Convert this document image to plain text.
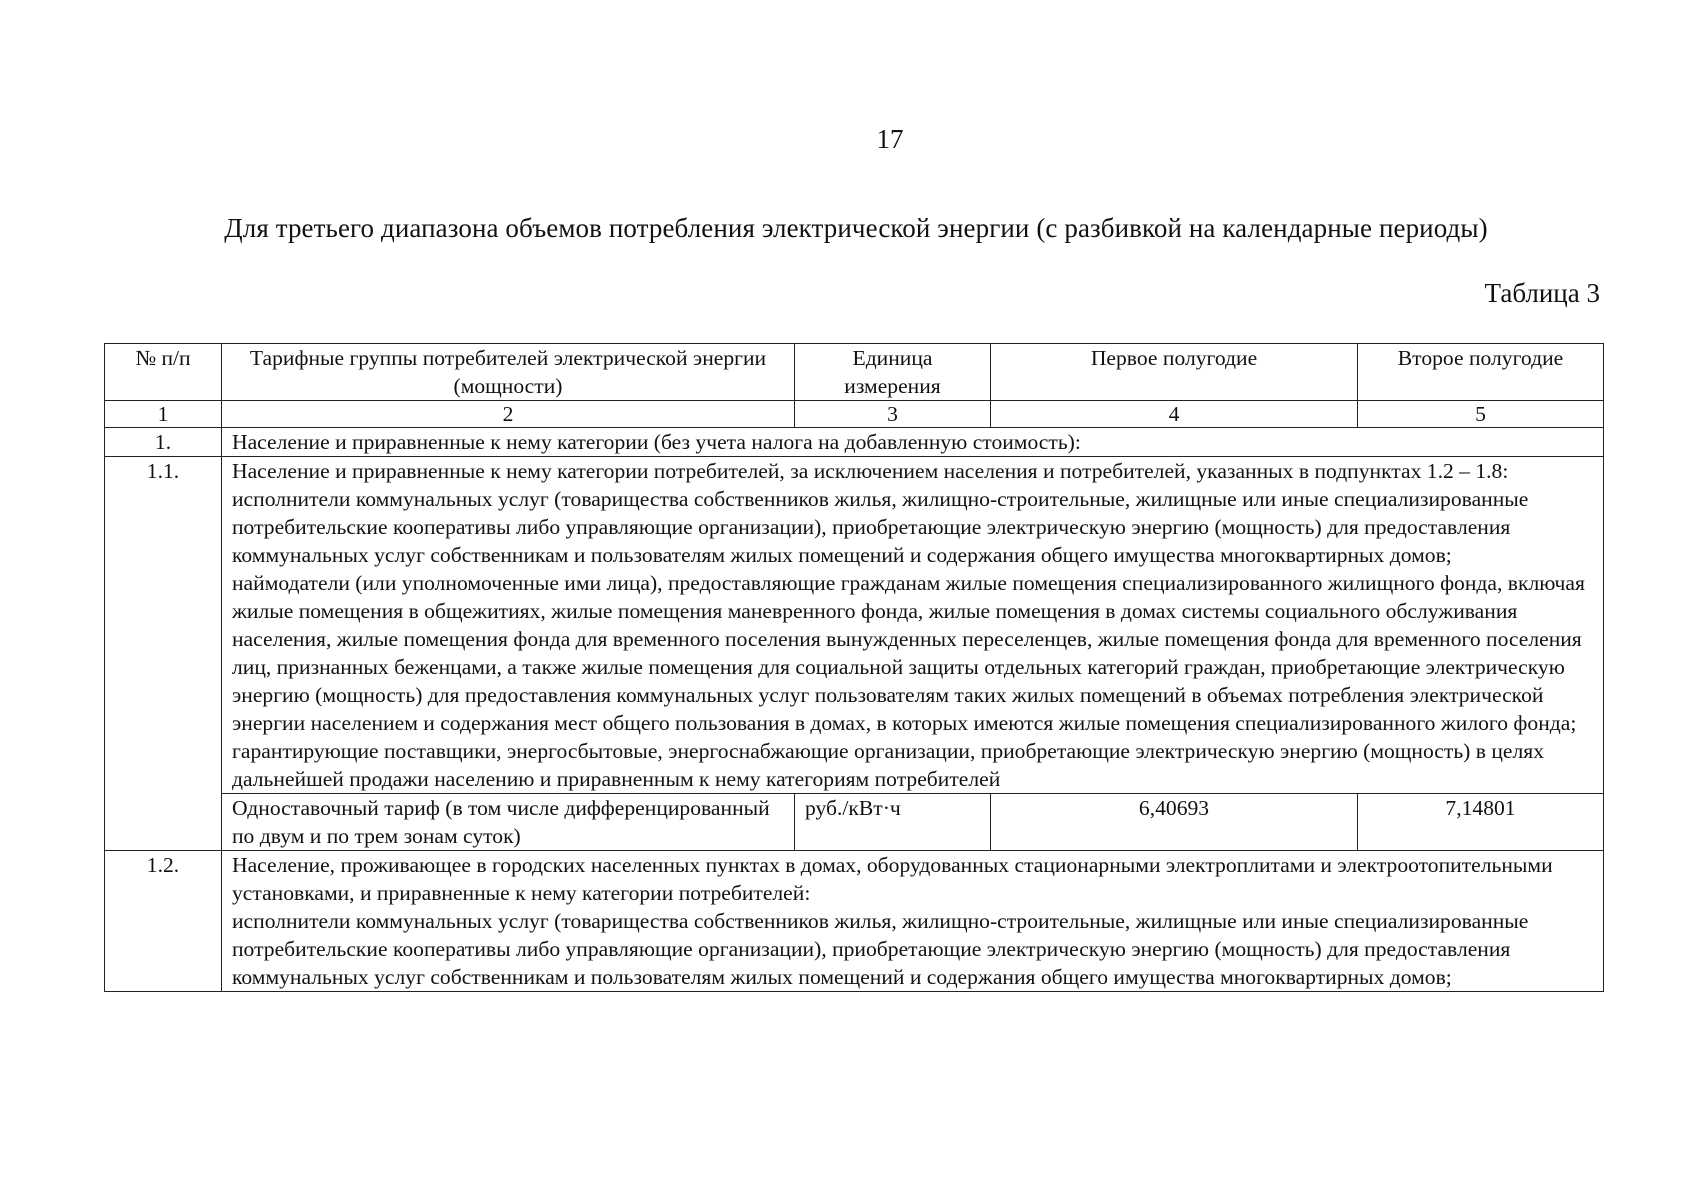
17
Для третьего диапазона объемов потребления электрической энергии (с разбивкой на календарные периоды)
Таблица 3
№ п/п	Тарифные группы потребителей электрической энергии (мощности)	Единица измерения	Первое полугодие	Второе полугодие
1	2	3	4	5
1.	Население и приравненные к нему категории (без учета налога на добавленную стоимость):			
1.1.	Население и приравненные к нему категории потребителей, за исключением населения и потребителей, указанных в подпунктах 1.2 – 1.8:
исполнители коммунальных услуг (товарищества собственников жилья, жилищно-строительные, жилищные или иные специализированные потребительские кооперативы либо управляющие организации), приобретающие электрическую энергию (мощность) для предоставления коммунальных услуг собственникам и пользователям жилых помещений и содержания общего имущества многоквартирных домов;
наймодатели (или уполномоченные ими лица), предоставляющие гражданам жилые помещения специализированного жилищного фонда, включая жилые помещения в общежитиях, жилые помещения маневренного фонда, жилые помещения в домах системы социального обслуживания населения, жилые помещения фонда для временного поселения вынужденных переселенцев, жилые помещения фонда для временного поселения лиц, признанных беженцами, а также жилые помещения для социальной защиты отдельных категорий граждан, приобретающие электрическую энергию (мощность) для предоставления коммунальных услуг пользователям таких жилых помещений в объемах потребления электрической энергии населением и содержания мест общего пользования в домах, в которых имеются жилые помещения специализированного жилого фонда;
гарантирующие поставщики, энергосбытовые, энергоснабжающие организации, приобретающие электрическую энергию (мощность) в целях дальнейшей продажи населению и приравненным к нему категориям потребителей			

	Одноставочный тариф (в том числе дифференцированный по двум и по трем зонам суток)	руб./кВт·ч	6,40693	7,14801
1.2.	Население, проживающее в городских населенных пунктах в домах, оборудованных стационарными электроплитами и электроотопительными установками, и приравненные к нему категории потребителей:
исполнители коммунальных услуг (товарищества собственников жилья, жилищно-строительные, жилищные или иные специализированные потребительские кооперативы либо управляющие организации), приобретающие электрическую энергию (мощность) для предоставления коммунальных услуг собственникам и пользователям жилых помещений и содержания общего имущества многоквартирных домов;			
